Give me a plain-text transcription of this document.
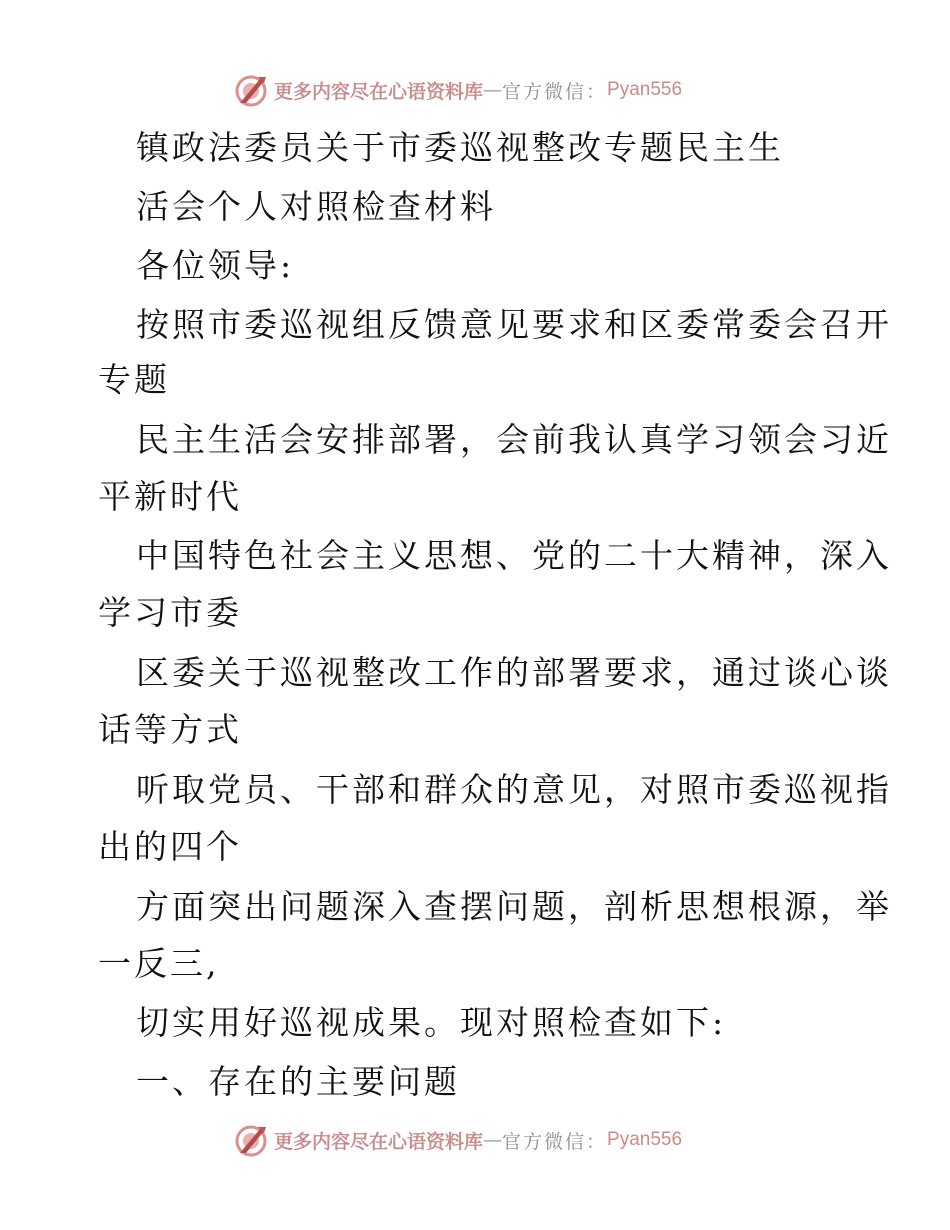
更多内容尽在心语资料库 — 官方微信： Pyan556
镇政法委员关于市委巡视整改专题民主生
活会个人对照检查材料
各位领导:
按照市委巡视组反馈意见要求和区委常委会召开
专题
民主生活会安排部署，会前我认真学习领会习近
平新时代
中国特色社会主义思想、党的二十大精神，深入
学习市委
区委关于巡视整改工作的部署要求，通过谈心谈
话等方式
听取党员、干部和群众的意见，对照市委巡视指
出的四个
方面突出问题深入查摆问题，剖析思想根源，举
一反三,
切实用好巡视成果。现对照检查如下:
一、存在的主要问题
更多内容尽在心语资料库 — 官方微信： Pyan556
